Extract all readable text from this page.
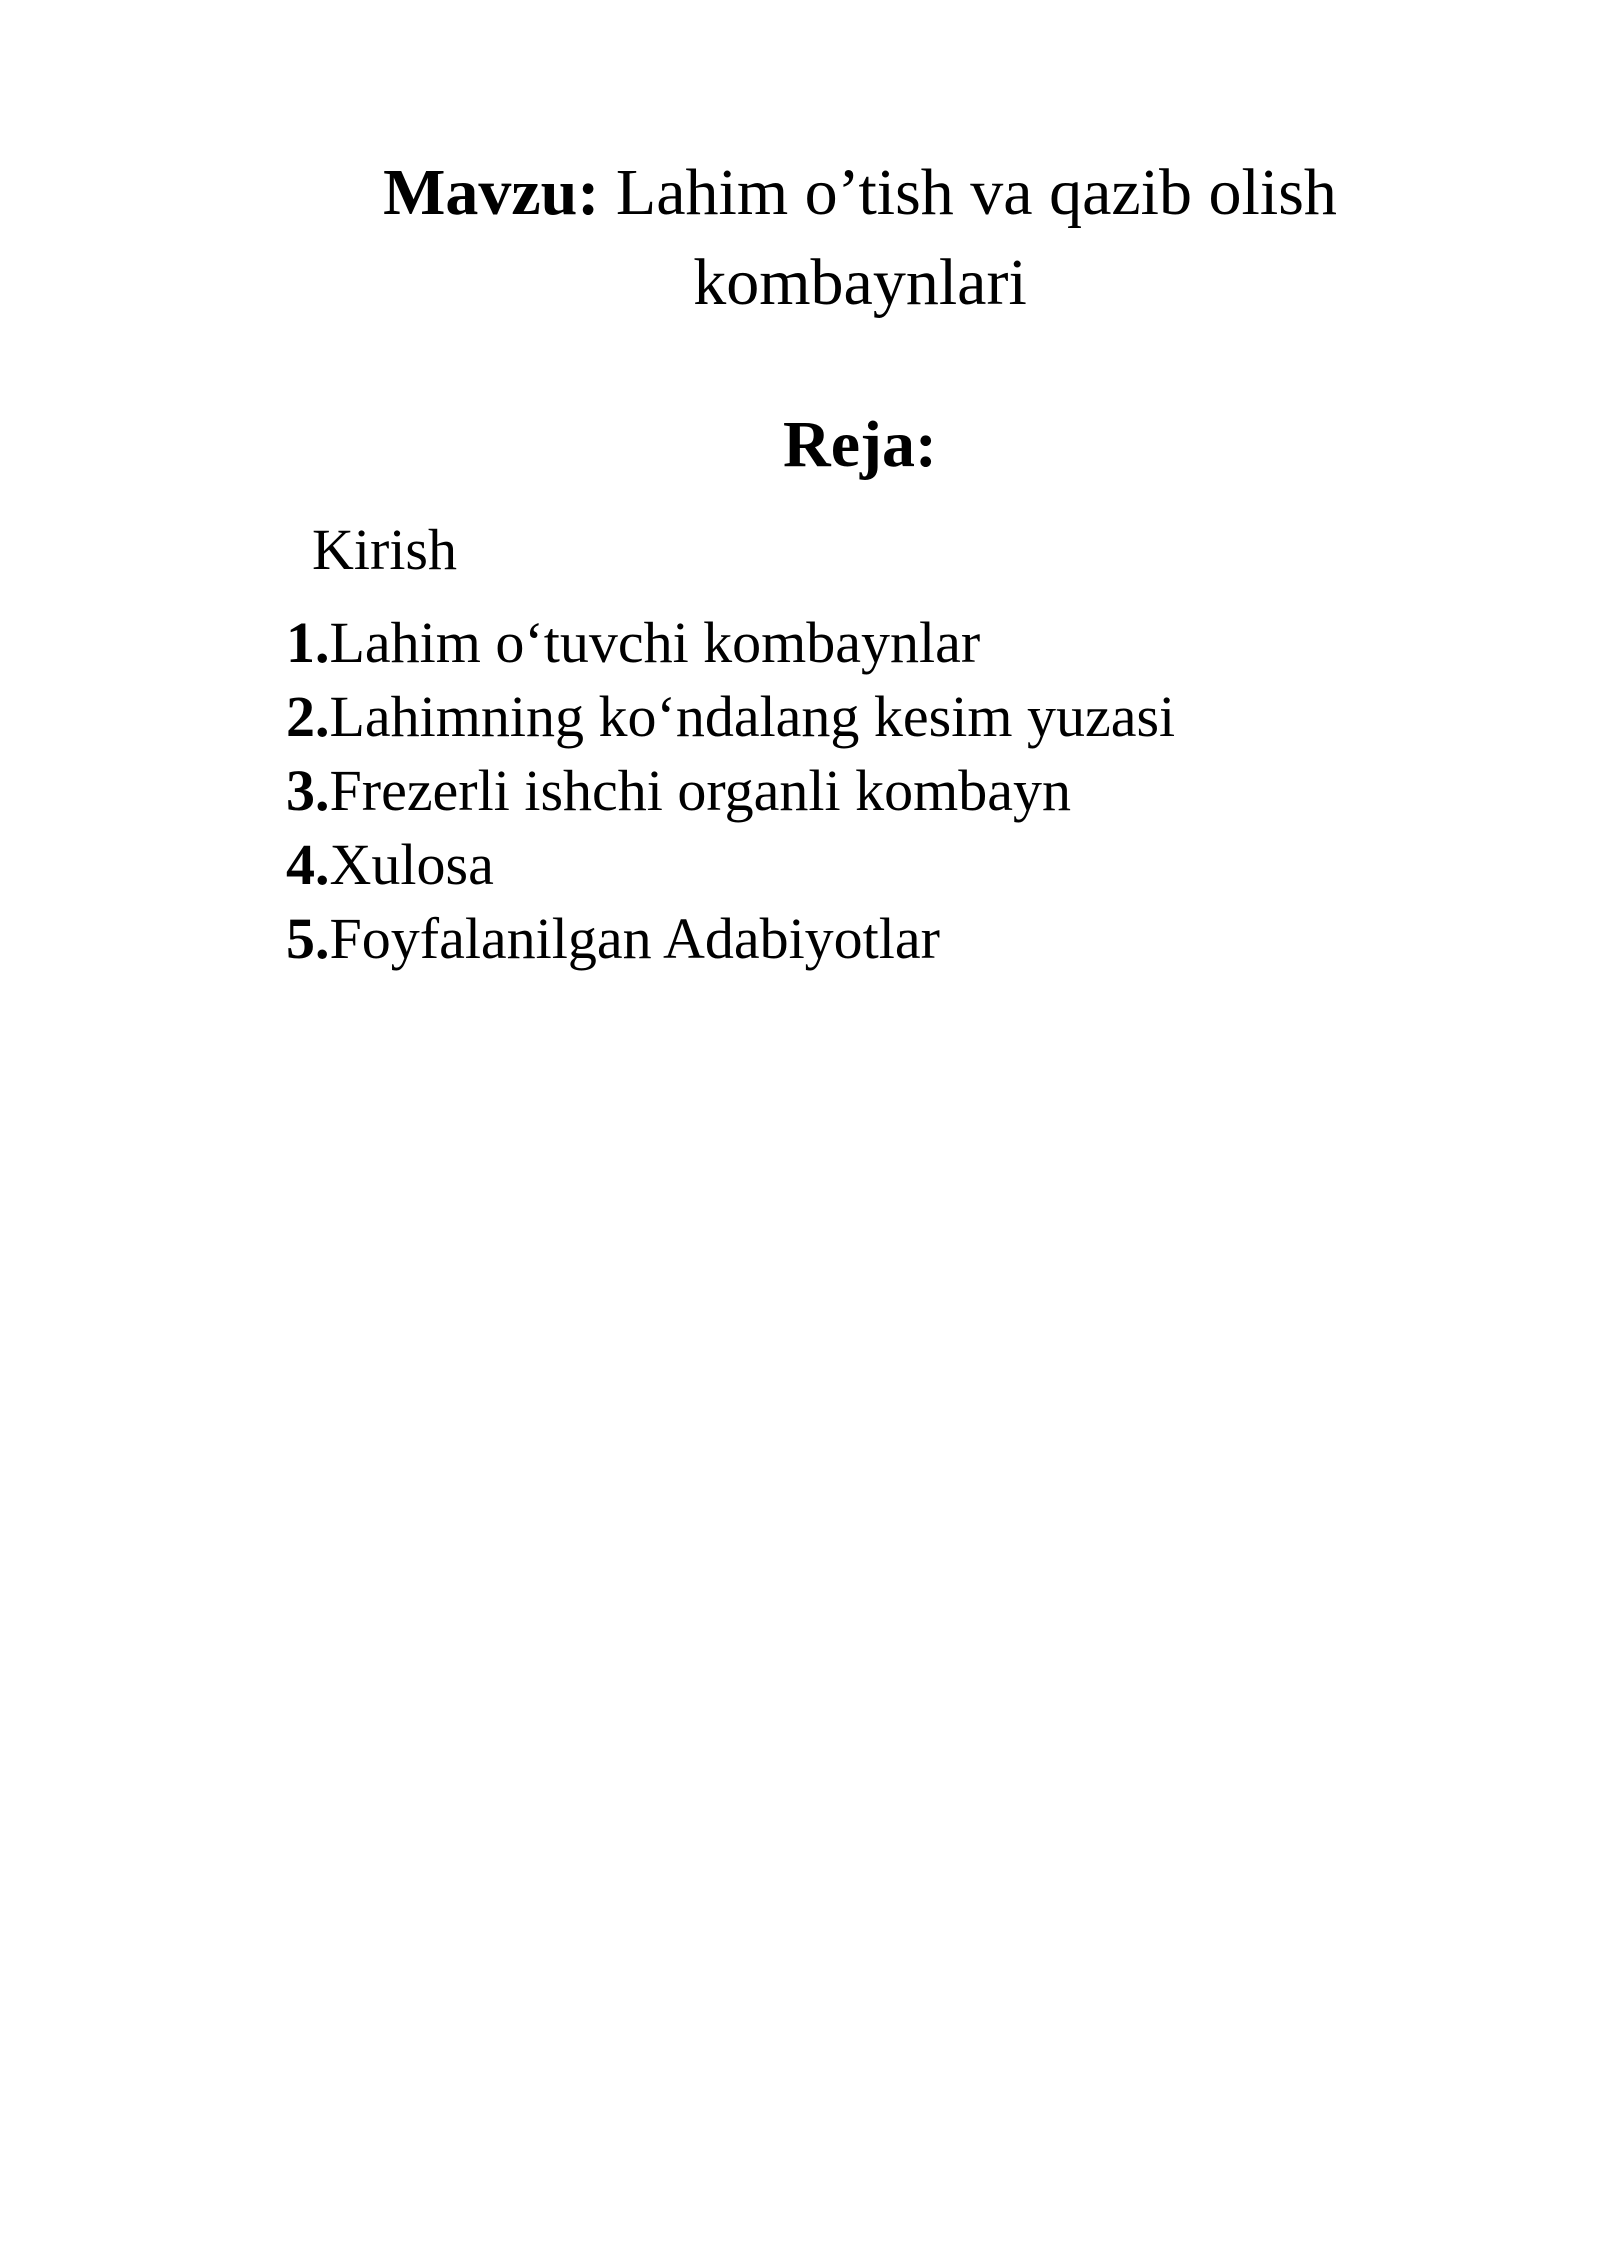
Mavzu: Lahim o’tish va qazib olish
kombaynlari
Reja:

Kirish

1. Lahim o‘tuvchi kombaynlar
2. Lahimning ko‘ndalang kesim yuzasi
3. Frezerli ishchi organli kombayn
4. Xulosa
5. Foyfalanilgan Adabiyotlar
